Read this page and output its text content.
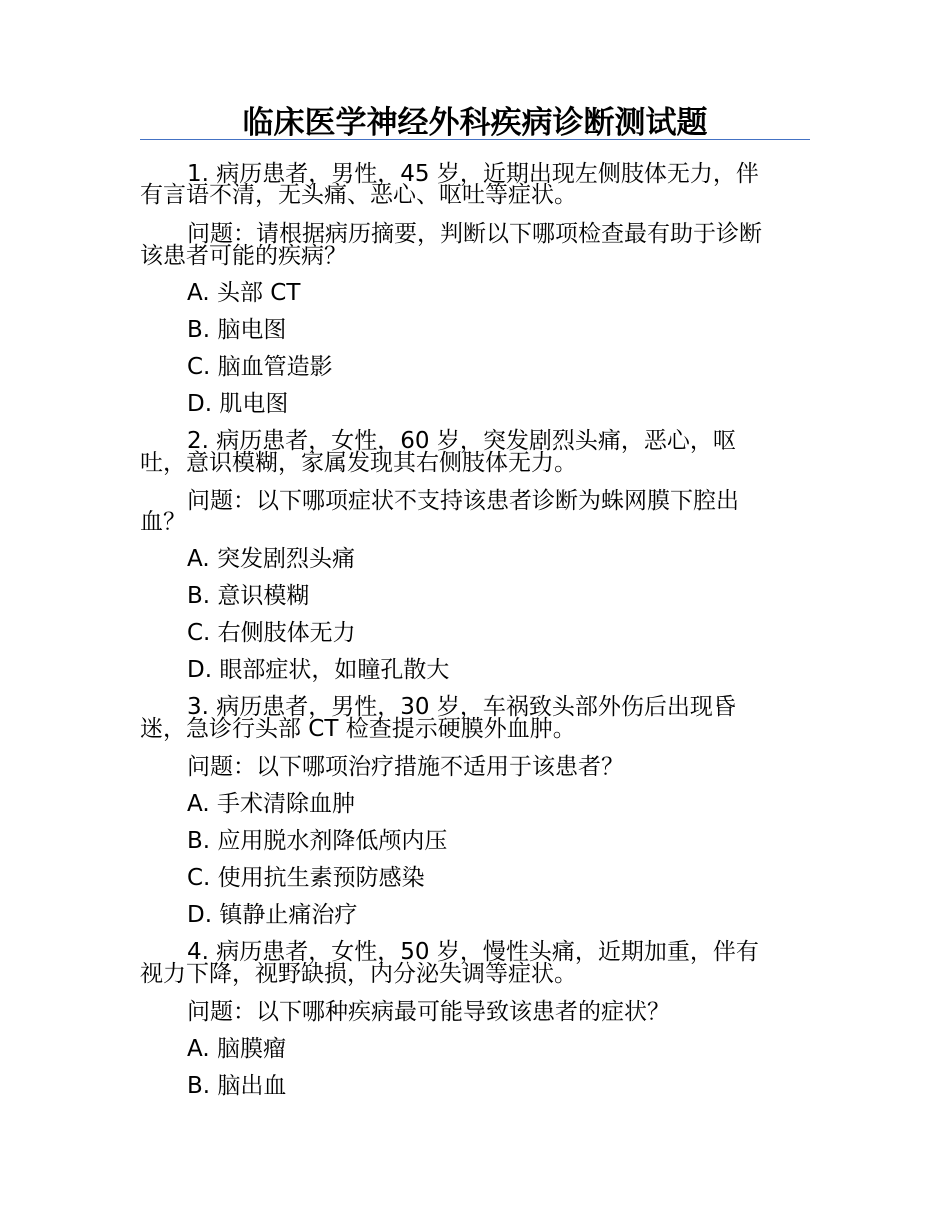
临床医学神经外科疾病诊断测试题

1. 病历患者，男性，45 岁，近期出现左侧肢体无力，伴

有言语不清，无头痛、恶心、呕吐等症状。

问题：请根据病历摘要，判断以下哪项检查最有助于诊断

该患者可能的疾病？

A. 头部 CT

B. 脑电图

C. 脑血管造影

D. 肌电图

2. 病历患者，女性，60 岁，突发剧烈头痛，恶心，呕

吐，意识模糊，家属发现其右侧肢体无力。

问题：以下哪项症状不支持该患者诊断为蛛网膜下腔出

血？

A. 突发剧烈头痛

B. 意识模糊

C. 右侧肢体无力

D. 眼部症状，如瞳孔散大

3. 病历患者，男性，30 岁，车祸致头部外伤后出现昏

迷，急诊行头部 CT 检查提示硬膜外血肿。

问题：以下哪项治疗措施不适用于该患者？

A. 手术清除血肿

B. 应用脱水剂降低颅内压

C. 使用抗生素预防感染

D. 镇静止痛治疗

4. 病历患者，女性，50 岁，慢性头痛，近期加重，伴有

视力下降，视野缺损，内分泌失调等症状。

问题：以下哪种疾病最可能导致该患者的症状？

A. 脑膜瘤

B. 脑出血
